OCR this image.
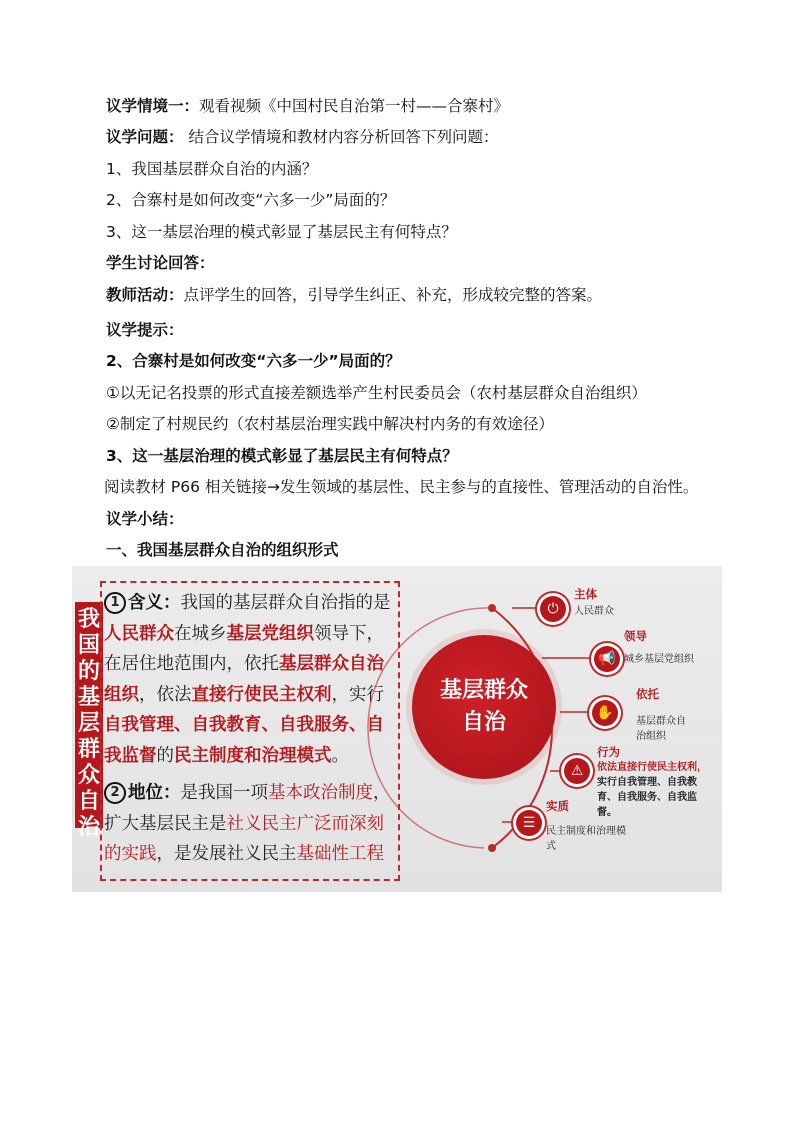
议学情境一：观看视频《中国村民自治第一村——合寨村》
议学问题： 结合议学情境和教材内容分析回答下列问题：
1、我国基层群众自治的内涵？
2、合寨村是如何改变“六多一少”局面的？
3、这一基层治理的模式彰显了基层民主有何特点？
学生讨论回答：
教师活动：点评学生的回答，引导学生纠正、补充，形成较完整的答案。
议学提示：
2、合寨村是如何改变“六多一少”局面的？
①以无记名投票的形式直接差额选举产生村民委员会（农村基层群众自治组织）
②制定了村规民约（农村基层治理实践中解决村内务的有效途径）
3、这一基层治理的模式彰显了基层民主有何特点？
阅读教材 P66 相关链接→发生领域的基层性、民主参与的直接性、管理活动的自治性。
议学小结：
一、我国基层群众自治的组织形式
我国的基层群众自治
1 含义：我国的基层群众自治指的是人民群众在城乡基层党组织领导下，在居住地范围内，依托基层群众自治组织，依法直接行使民主权利，实行自我管理、自我教育、自我服务、自我监督的民主制度和治理模式。
2 地位：是我国一项基本政治制度，扩大基层民主是社义民主广泛而深刻的实践，是发展社义民主基础性工程
基层群众自治
⏻
主体
人民群众
📢
领导
城乡基层党组织
✋
依托
基层群众自治组织
⚠
行为
依法直接行使民主权利，
实行自我管理、自我教育、自我服务、自我监督。
☰
实质
民主制度和治理模式
